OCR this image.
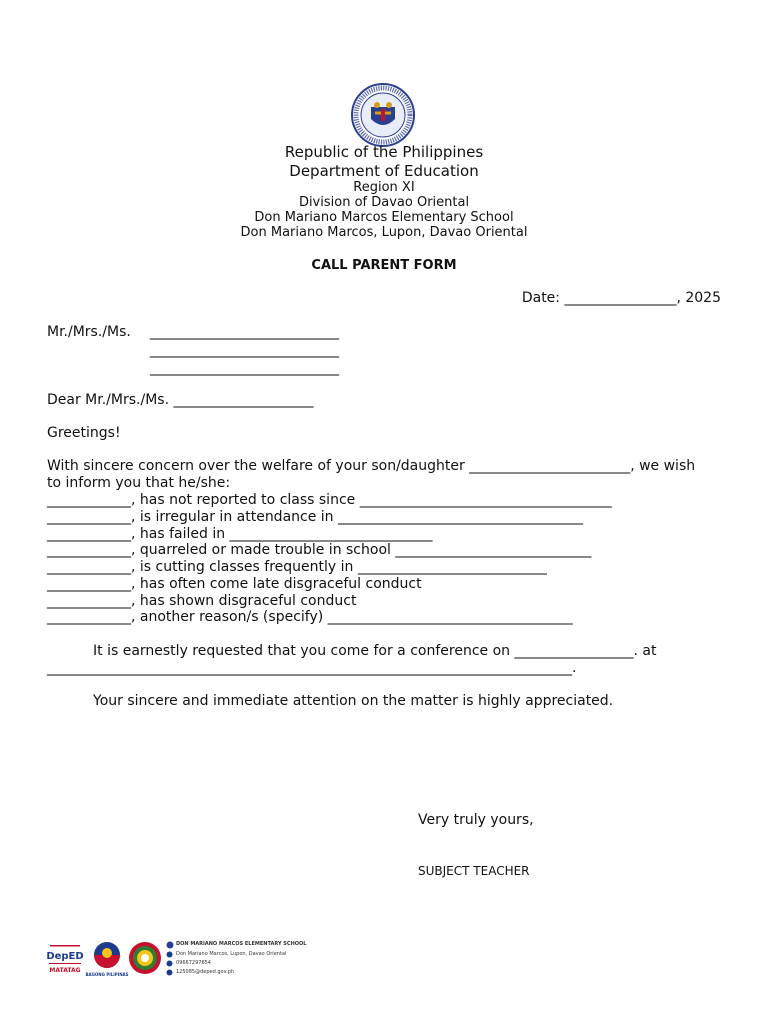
Republic of the Philippines
Department of Education
Region XI
Division of Davao Oriental
Don Mariano Marcos Elementary School
Don Mariano Marcos, Lupon, Davao Oriental
CALL PARENT FORM
Date: ________________, 2025
Mr./Mrs./Ms. ___________________________
___________________________
___________________________
Dear Mr./Mrs./Ms. ____________________
Greetings!
With sincere concern over the welfare of your son/daughter _______________________, we wish
to inform you that he/she:
____________, has not reported to class since ____________________________________
____________, is irregular in attendance in ___________________________________
____________, has failed in _____________________________
____________, quarreled or made trouble in school ____________________________
____________, is cutting classes frequently in ___________________________
____________, has often come late disgraceful conduct
____________, has shown disgraceful conduct
____________, another reason/s (specify) ___________________________________
It is earnestly requested that you come for a conference on _________________. at
___________________________________________________________________________.
Your sincere and immediate attention on the matter is highly appreciated.
Very truly yours,
SUBJECT TEACHER
DepED
MATATAG
BAGONG PILIPINAS
DON MARIANO MARCOS ELEMENTARY SCHOOL
Don Mariano Marcos, Lupon, Davao Oriental
09667297654
125085@deped.gov.ph
